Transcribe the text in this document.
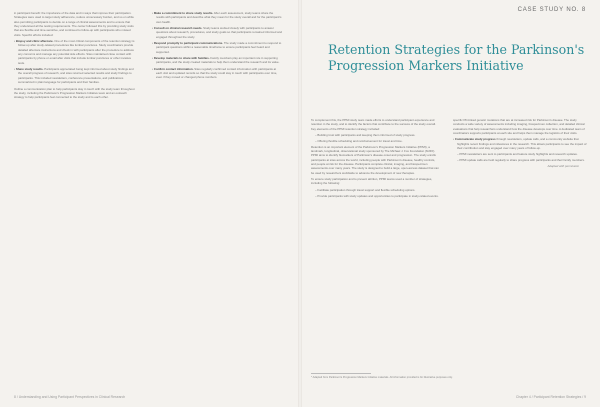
in participant benefit: the importance of the data and in ways that improve their participation. Strategies were used to target study adherence, reduce unnecessary burden, and so on while also permitting participants to decide on a range of clinical assessments and to ensure that they understood all the testing requirements. The center followed this by providing study visits that are flexible and time-sensitive, and continued to follow-up with participants who missed visits. Specific efforts included:
• Biopsy and clinic aftercare. One of the most critical components of the retention strategy is follow-up after study-related procedures like lumbar punctures. Study coordinators provide detailed aftercare instructions and check in with participants after the procedure to address any concerns and manage any potential side effects. Sites maintained close contact with participants by phone or email after visits that include lumbar punctures or other invasive tests.
• Share study results. Participants appreciated being kept informed about study findings and the overall progress of research, and sites returned selected results and study findings to participants. This included newsletters, conference presentations, and publications summarized in plain language for participants and their families.
Outline a communication plan to help participants stay in touch with the study team throughout the study, including the Parkinson's Progression Markers Initiative team and an outreach strategy to help participants feel connected to the study and to each other.
• Make a commitment to share study results. After each assessment, study teams share the results with participants and describe what they mean for the study overall and for the participant's own health.
• Consult on clinical research needs. Study teams worked closely with participants to answer questions about research, procedures, and study goals so that participants remained informed and engaged throughout the study.
• Respond promptly to participant communications. The study made a commitment to respond to participant questions within a reasonable timeframe to ensure participants feel heard and supported.
• Develop materials to share with families. Family members play an important role in supporting participants, and the study created materials to help them understand the research and its value.
• Confirm contact information. Sites regularly confirmed contact information with participants at each visit and updated records so that the study could stay in touch with participants over time, even if they moved or changed phone numbers.
8 / Understanding and Using Participant Perspectives in Clinical Research
CASE STUDY NO. 8
Retention Strategies for the Parkinson's Progression Markers Initiative
To complement this, the PPMI study team made efforts to understand participant experience and retention in the study, and to identify the factors that contribute to the success of the study overall. Key elements of the PPMI retention strategy included:
– Building trust with participants and keeping them informed of study progress.
– Offering flexible scheduling and reimbursement for travel and time.
Retention is an important element of the Parkinson's Progression Markers Initiative (PPMI), a landmark, longitudinal, observational study sponsored by The Michael J. Fox Foundation (MJFF). PPMI aims to identify biomarkers of Parkinson's disease onset and progression. The study enrolls participants at sites across the world, including people with Parkinson's disease, healthy controls, and people at risk for the disease. Participants complete clinical, imaging, and biospecimen assessments over many years. The study is designed to build a large, open-access dataset that can be used by researchers worldwide to advance the development of new therapies.
To ensure study participation and to prevent attrition, PPMI teams used a number of strategies, including the following:
– Facilitate participation through travel support and flexible scheduling options.
– Provide participants with study updates and opportunities to participate in study-related events.
specific PD-linked genetic mutations that are at increased risk for Parkinson's disease. The study conducts a wide variety of assessments including imaging, biospecimen collection, and detailed clinical evaluations that help researchers understand how the disease develops over time. A dedicated team of coordinators supports participants at each site and helps them manage the logistics of their visits.
• Communicate study progress through newsletters, update calls, and a community website that highlights recent findings and milestones in the research. This allows participants to see the impact of their contribution and stay engaged over many years of follow-up.
– PPMI newsletters are sent to participants and feature study highlights and research updates.
– PPMI update calls are held regularly to share progress with participants and their family members.
Adapted with permission
* Adapted from Parkinson's Progression Markers Initiative materials. All information provided is for illustrative purposes only.
Chapter 4 / Participant Retention Strategies / 9
